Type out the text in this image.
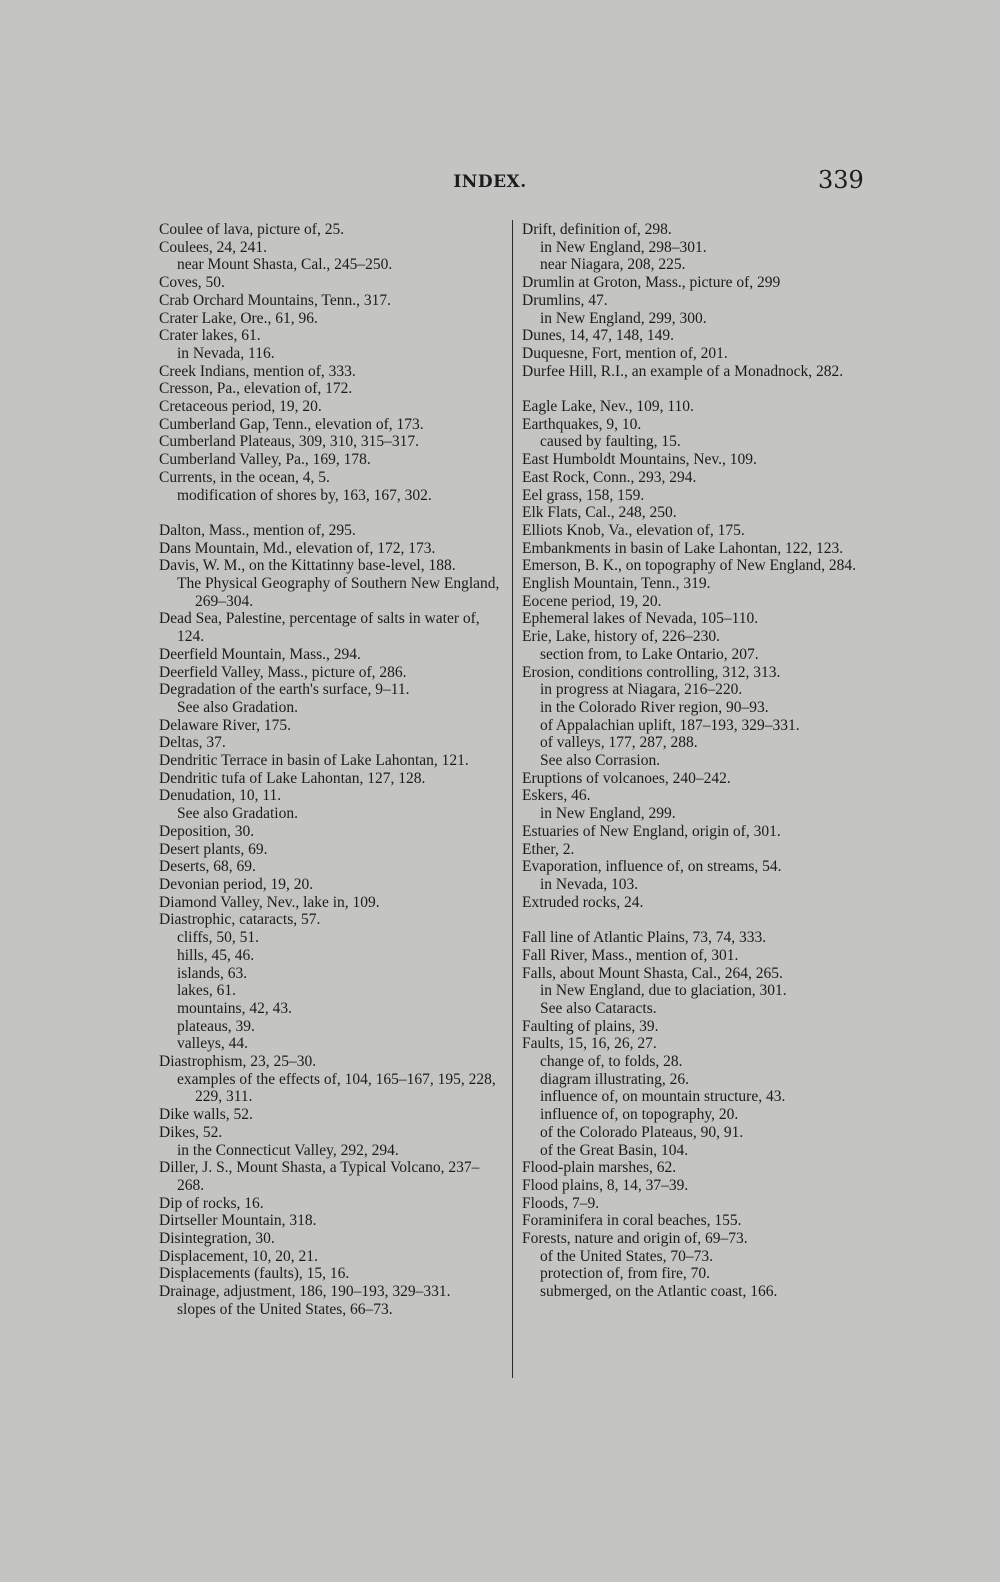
INDEX.	339

Coulee of lava, picture of, 25.

Coulees, 24, 241.

near Mount Shasta, Cal., 245–250.

Coves, 50.

Crab Orchard Mountains, Tenn., 317.

Crater Lake, Ore., 61, 96.

Crater lakes, 61.

in Nevada, 116.

Creek Indians, mention of, 333.

Cresson, Pa., elevation of, 172.

Cretaceous period, 19, 20.

Cumberland Gap, Tenn., elevation of, 173.

Cumberland Plateaus, 309, 310, 315–317.

Cumberland Valley, Pa., 169, 178.

Currents, in the ocean, 4, 5.

modification of shores by, 163, 167, 302.

Dalton, Mass., mention of, 295.

Dans Mountain, Md., elevation of, 172, 173.

Davis, W. M., on the Kittatinny base-level, 188.

The Physical Geography of Southern New England, 269–304.

Dead Sea, Palestine, percentage of salts in water of, 124.

Deerfield Mountain, Mass., 294.

Deerfield Valley, Mass., picture of, 286.

Degradation of the earth's surface, 9–11.

See also Gradation.

Delaware River, 175.

Deltas, 37.

Dendritic Terrace in basin of Lake Lahontan, 121.

Dendritic tufa of Lake Lahontan, 127, 128.

Denudation, 10, 11.

See also Gradation.

Deposition, 30.

Desert plants, 69.

Deserts, 68, 69.

Devonian period, 19, 20.

Diamond Valley, Nev., lake in, 109.

Diastrophic, cataracts, 57.

cliffs, 50, 51.

hills, 45, 46.

islands, 63.

lakes, 61.

mountains, 42, 43.

plateaus, 39.

valleys, 44.

Diastrophism, 23, 25–30.

examples of the effects of, 104, 165–167, 195, 228, 229, 311.

Dike walls, 52.

Dikes, 52.

in the Connecticut Valley, 292, 294.

Diller, J. S., Mount Shasta, a Typical Volcano, 237–268.

Dip of rocks, 16.

Dirtseller Mountain, 318.

Disintegration, 30.

Displacement, 10, 20, 21.

Displacements (faults), 15, 16.

Drainage, adjustment, 186, 190–193, 329–331.

slopes of the United States, 66–73.

Drift, definition of, 298.

in New England, 298–301.

near Niagara, 208, 225.

Drumlin at Groton, Mass., picture of, 299

Drumlins, 47.

in New England, 299, 300.

Dunes, 14, 47, 148, 149.

Duquesne, Fort, mention of, 201.

Durfee Hill, R.I., an example of a Monadnock, 282.

Eagle Lake, Nev., 109, 110.

Earthquakes, 9, 10.

caused by faulting, 15.

East Humboldt Mountains, Nev., 109.

East Rock, Conn., 293, 294.

Eel grass, 158, 159.

Elk Flats, Cal., 248, 250.

Elliots Knob, Va., elevation of, 175.

Embankments in basin of Lake Lahontan, 122, 123.

Emerson, B. K., on topography of New England, 284.

English Mountain, Tenn., 319.

Eocene period, 19, 20.

Ephemeral lakes of Nevada, 105–110.

Erie, Lake, history of, 226–230.

section from, to Lake Ontario, 207.

Erosion, conditions controlling, 312, 313.

in progress at Niagara, 216–220.

in the Colorado River region, 90–93.

of Appalachian uplift, 187–193, 329–331.

of valleys, 177, 287, 288.

See also Corrasion.

Eruptions of volcanoes, 240–242.

Eskers, 46.

in New England, 299.

Estuaries of New England, origin of, 301.

Ether, 2.

Evaporation, influence of, on streams, 54.

in Nevada, 103.

Extruded rocks, 24.

Fall line of Atlantic Plains, 73, 74, 333.

Fall River, Mass., mention of, 301.

Falls, about Mount Shasta, Cal., 264, 265.

in New England, due to glaciation, 301.

See also Cataracts.

Faulting of plains, 39.

Faults, 15, 16, 26, 27.

change of, to folds, 28.

diagram illustrating, 26.

influence of, on mountain structure, 43.

influence of, on topography, 20.

of the Colorado Plateaus, 90, 91.

of the Great Basin, 104.

Flood-plain marshes, 62.

Flood plains, 8, 14, 37–39.

Floods, 7–9.

Foraminifera in coral beaches, 155.

Forests, nature and origin of, 69–73.

of the United States, 70–73.

protection of, from fire, 70.

submerged, on the Atlantic coast, 166.
